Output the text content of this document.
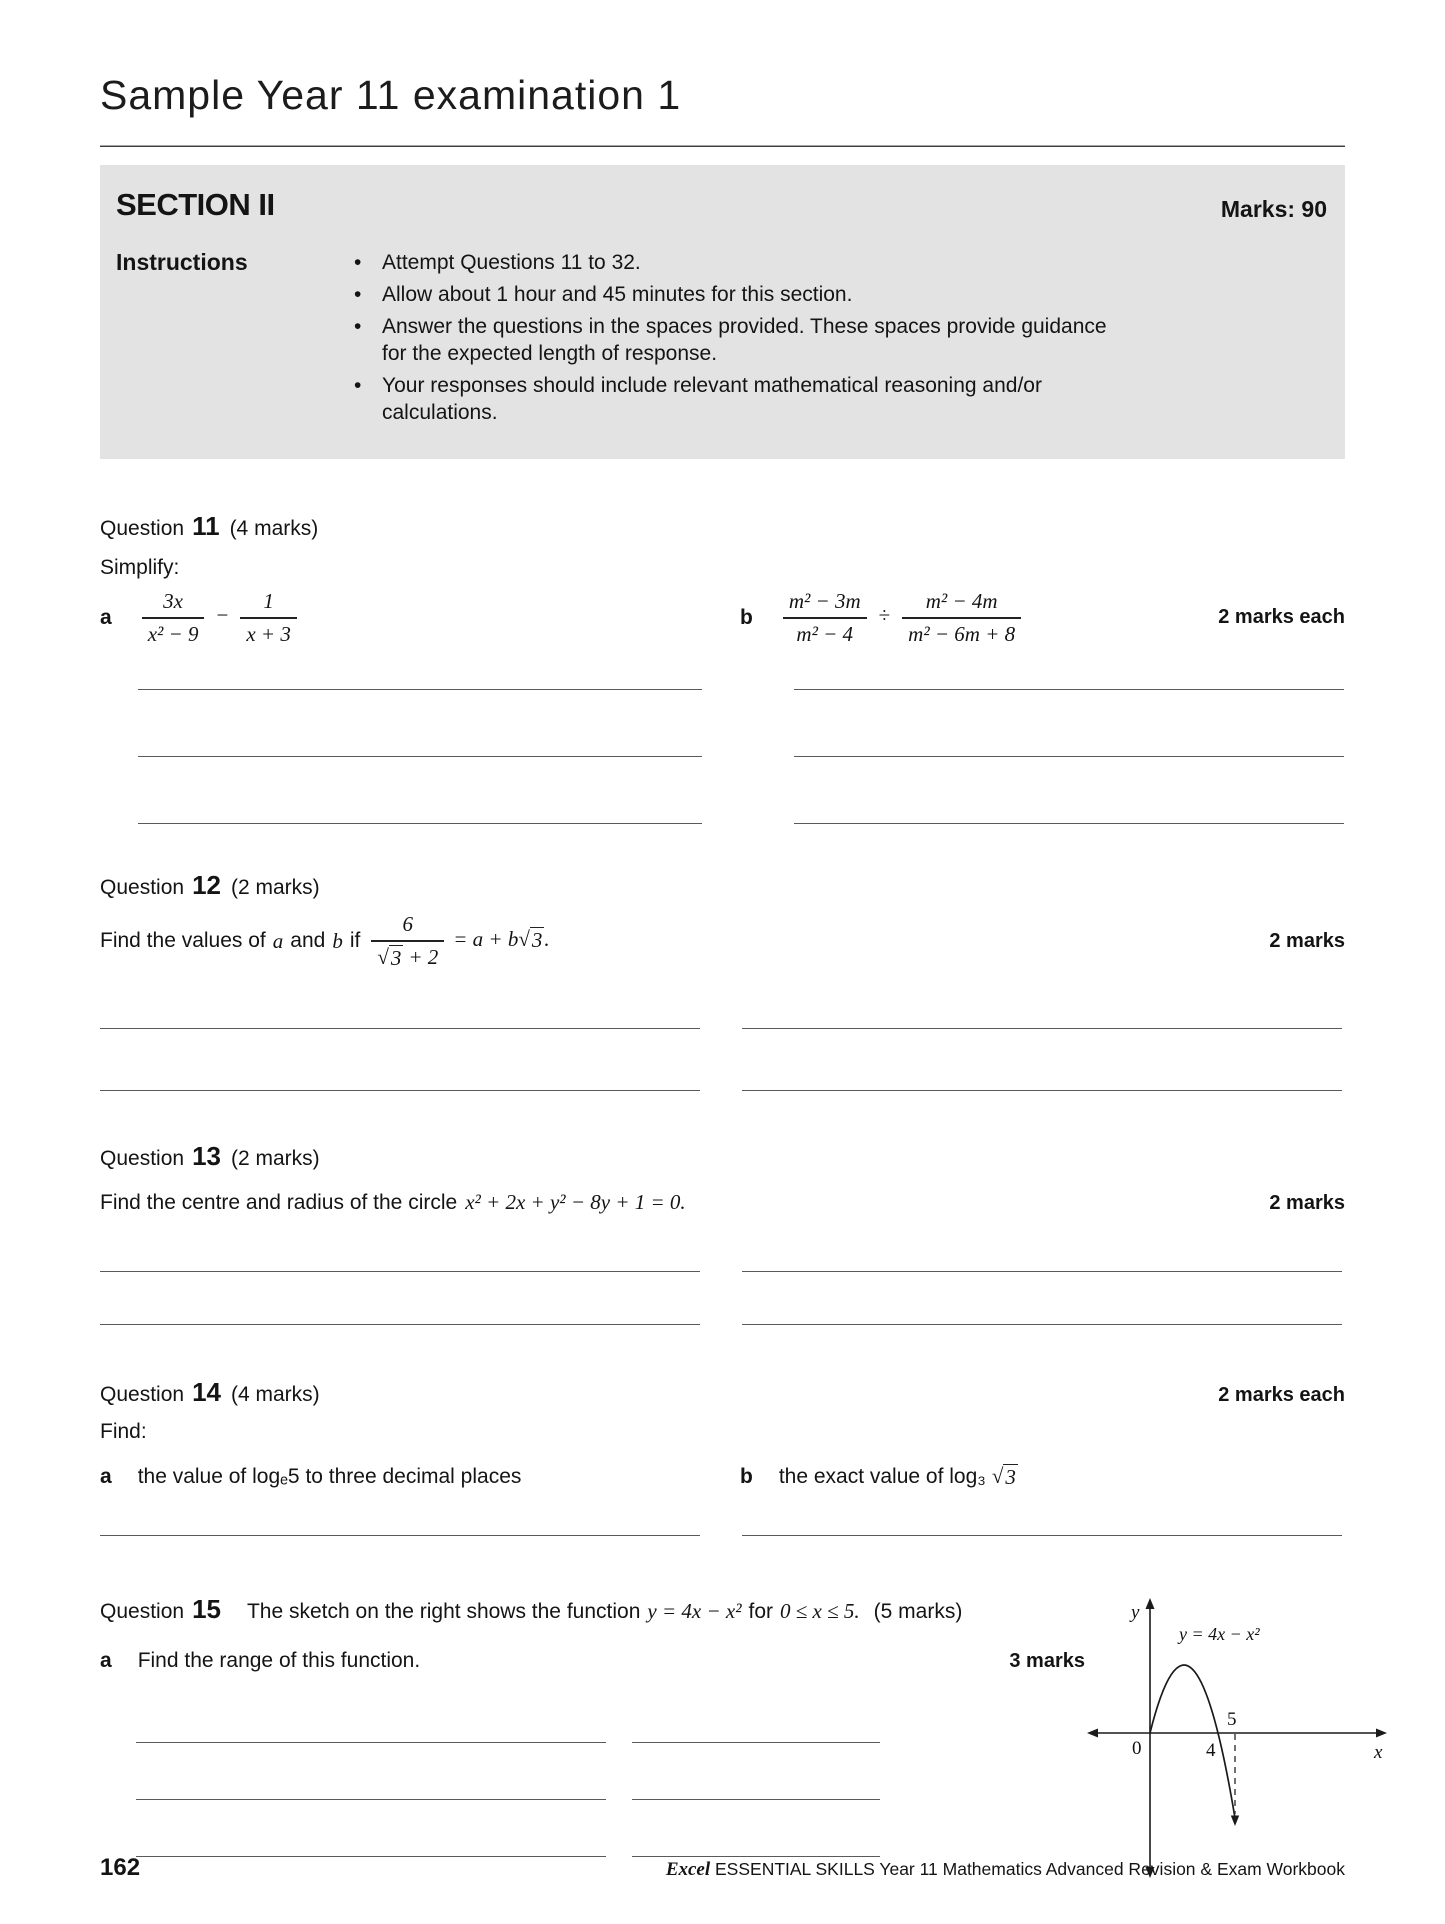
Sample Year 11 examination 1
SECTION II	Marks: 90
Instructions	• Attempt Questions 11 to 32.
• Allow about 1 hour and 45 minutes for this section.
• Answer the questions in the spaces provided. These spaces provide guidance for the expected length of response.
• Your responses should include relevant mathematical reasoning and/or calculations.
Question 11 (4 marks)
Simplify:
a $\frac{3x}{\text{x² − 9}} - \frac{1}{x + 3}$	b $\frac{\text{m² − 3m}}{\text{m² − 4}} \div \frac{\text{m² − 4m}}{\text{m² − 6m + 8}}$	2 marks each
Question 12 (2 marks)
Find the values of a and b if $\frac{6}{√ 3 + 2} = a + b$ √ 3 .	2 marks
Question 13 (2 marks)
Find the centre and radius of the circle x² + 2x + y² − 8y + 1 = 0.	2 marks
Question 14 (4 marks)	2 marks each
Find:
a the value of logₑ5 to three decimal places	b the exact value of log₃ √ 3
Question 15 The sketch on the right shows the function y = 4x − x² for 0 ≤ x ≤ 5. (5 marks)
a Find the range of this function.	3 marks
y = 4x − x²
y
x
0	4
5
162	Excel ESSENTIAL SKILLS Year 11 Mathematics Advanced Revision & Exam Workbook
